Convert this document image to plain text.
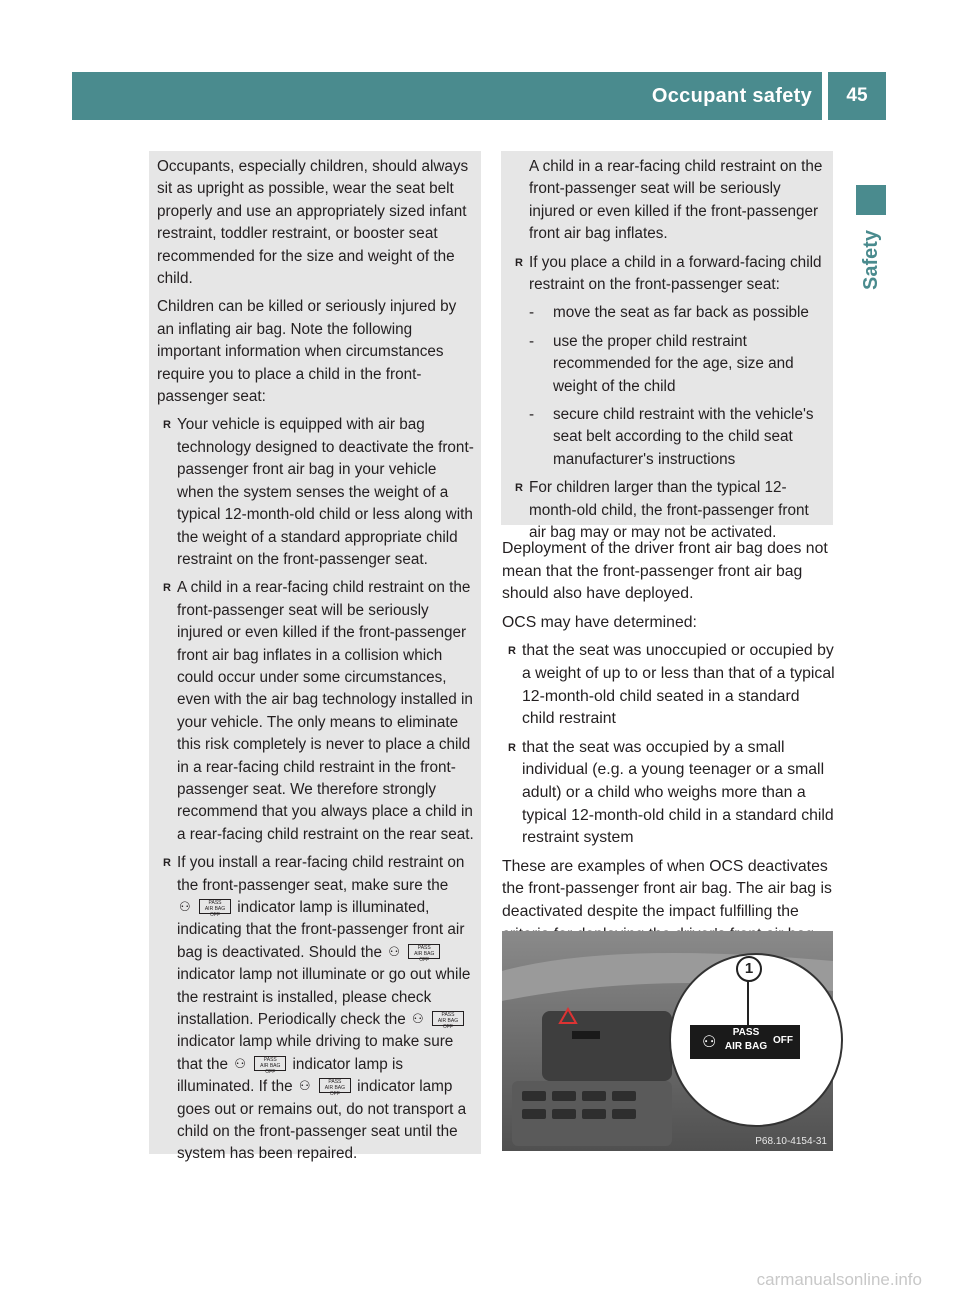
Occupant safety	45
Safety

Occupants, especially children, should always sit as upright as possible, wear the seat belt properly and use an appropriately sized infant restraint, toddler restraint, or booster seat recommended for the size and weight of the child.

Children can be killed or seriously injured by an inflating air bag. Note the following important information when circumstances require you to place a child in the front-passenger seat:

R Your vehicle is equipped with air bag technology designed to deactivate the front-passenger front air bag in your vehicle when the system senses the weight of a typical 12-month-old child or less along with the weight of a standard appropriate child restraint on the front-passenger seat.
R A child in a rear-facing child restraint on the front-passenger seat will be seriously injured or even killed if the front-passenger front air bag inflates in a collision which could occur under some circumstances, even with the air bag technology installed in your vehicle. The only means to eliminate this risk completely is never to place a child in a rear-facing child restraint in the front-passenger seat. We therefore strongly recommend that you always place a child in a rear-facing child restraint on the rear seat.
R If you install a rear-facing child restraint on the front-passenger seat, make sure the
⚇	PASS
AIR BAG OFF	indicator lamp is illuminated, indicating that the front-passenger front air bag is deactivated. Should the ⚇	PASS
AIR BAG OFF
indicator lamp not illuminate or go out while the restraint is installed, please check installation. Periodically check the ⚇	PASS
AIR BAG OFF
indicator lamp while driving to make sure that the ⚇	PASS
AIR BAG OFF	indicator lamp is illuminated. If the ⚇	PASS
AIR BAG OFF	indicator lamp goes out or remains out, do not transport a child on the front-passenger seat until the system has been repaired.
A child in a rear-facing child restraint on the front-passenger seat will be seriously injured or even killed if the front-passenger front air bag inflates.
R If you place a child in a forward-facing child restraint on the front-passenger seat:
- move the seat as far back as possible
- use the proper child restraint recommended for the age, size and weight of the child
- secure child restraint with the vehicle's seat belt according to the child seat manufacturer's instructions
R For children larger than the typical 12-month-old child, the front-passenger front air bag may or may not be activated.

Deployment of the driver front air bag does not mean that the front-passenger front air bag should also have deployed.

OCS may have determined:

R that the seat was unoccupied or occupied by a weight of up to or less than that of a typical 12-month-old child seated in a standard child restraint
R that the seat was occupied by a small individual (e.g. a young teenager or a small adult) or a child who weighs more than a typical 12-month-old child in a standard child restraint system

These are examples of when OCS deactivates the front-passenger front air bag. The air bag is deactivated despite the impact fulfilling the

1
⚇
PASS
AIR BAG
OFF
P68.10-4154-31
carmanualsonline.info
